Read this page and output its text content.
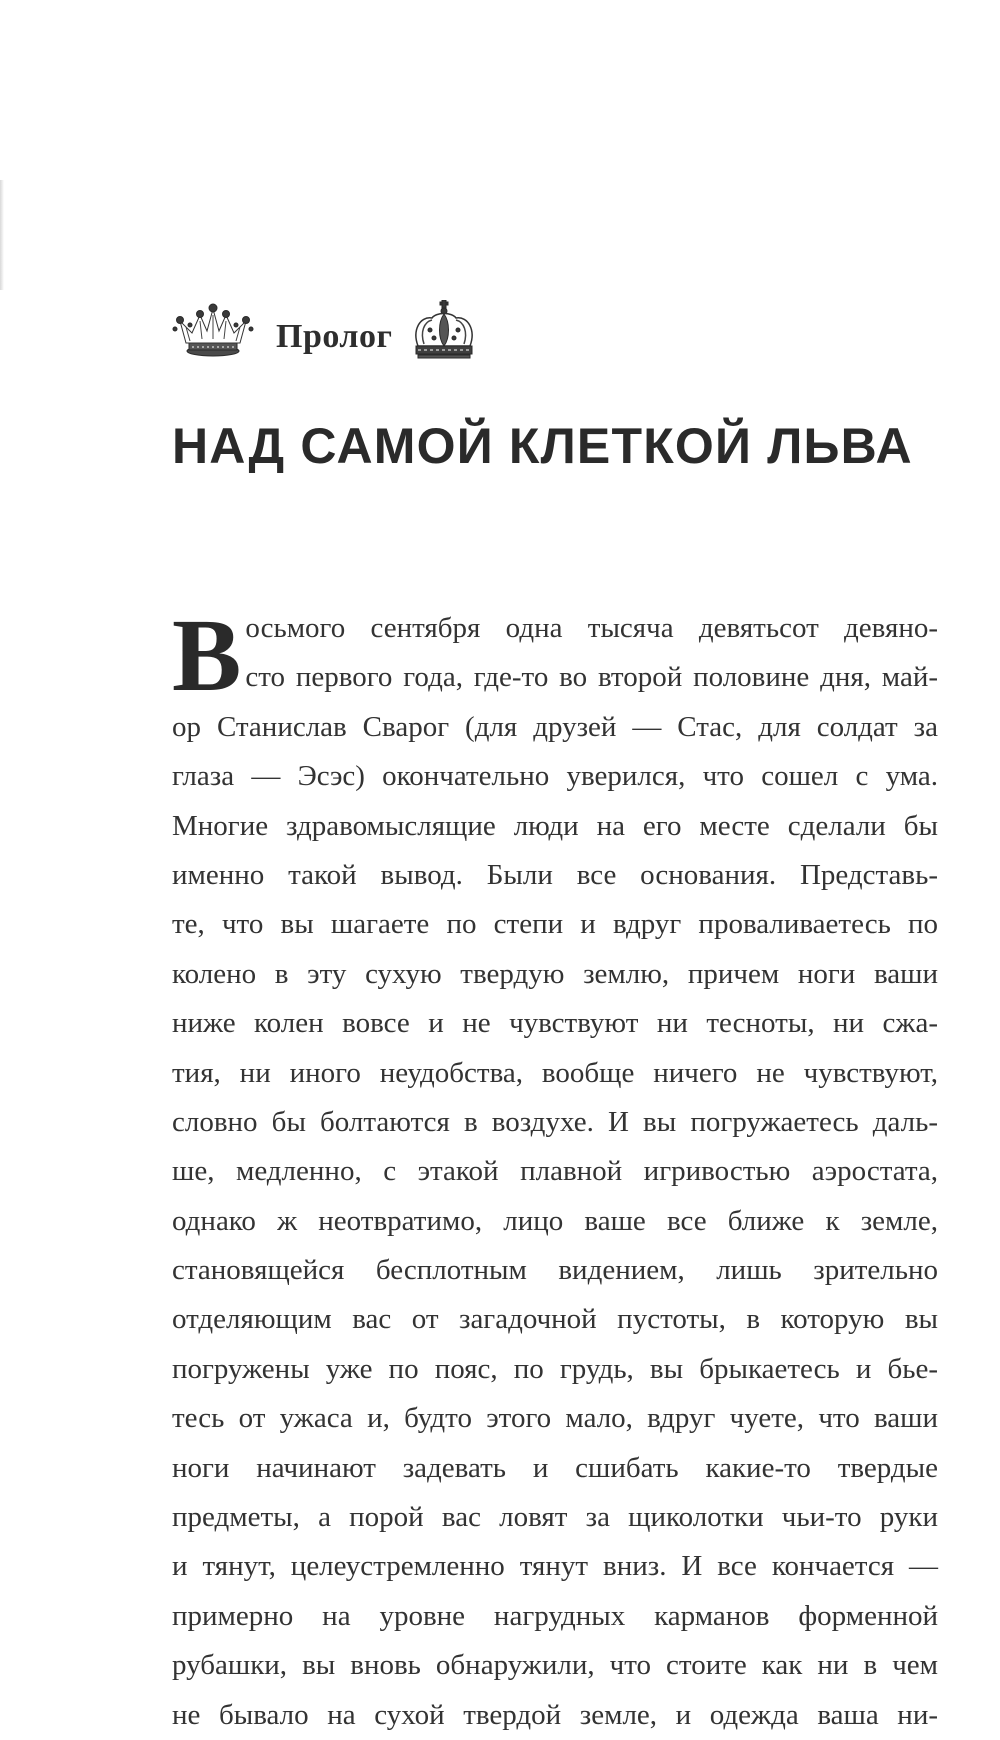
Пролог
НАД САМОЙ КЛЕТКОЙ ЛЬВА
В осьмого сентября одна тысяча девятьсот девяно-
сто первого года, где-то во второй половине дня, май-
ор Станислав Сварог (для друзей — Стас, для солдат за
глаза — Эсэс) окончательно уверился, что сошел с ума.
Многие здравомыслящие люди на его месте сделали бы
именно такой вывод. Были все основания. Представь-
те, что вы шагаете по степи и вдруг проваливаетесь по
колено в эту сухую твердую землю, причем ноги ваши
ниже колен вовсе и не чувствуют ни тесноты, ни сжа-
тия, ни иного неудобства, вообще ничего не чувствуют,
словно бы болтаются в воздухе. И вы погружаетесь даль-
ше, медленно, с этакой плавной игривостью аэростата,
однако ж неотвратимо, лицо ваше все ближе к земле,
становящейся бесплотным видением, лишь зрительно
отделяющим вас от загадочной пустоты, в которую вы
погружены уже по пояс, по грудь, вы брыкаетесь и бье-
тесь от ужаса и, будто этого мало, вдруг чуете, что ваши
ноги начинают задевать и сшибать какие-то твердые
предметы, а порой вас ловят за щиколотки чьи-то руки
и тянут, целеустремленно тянут вниз. И все кончается —
примерно на уровне нагрудных карманов форменной
рубашки, вы вновь обнаружили, что стоите как ни в чем
не бывало на сухой твердой земле, и одежда ваша ни-
